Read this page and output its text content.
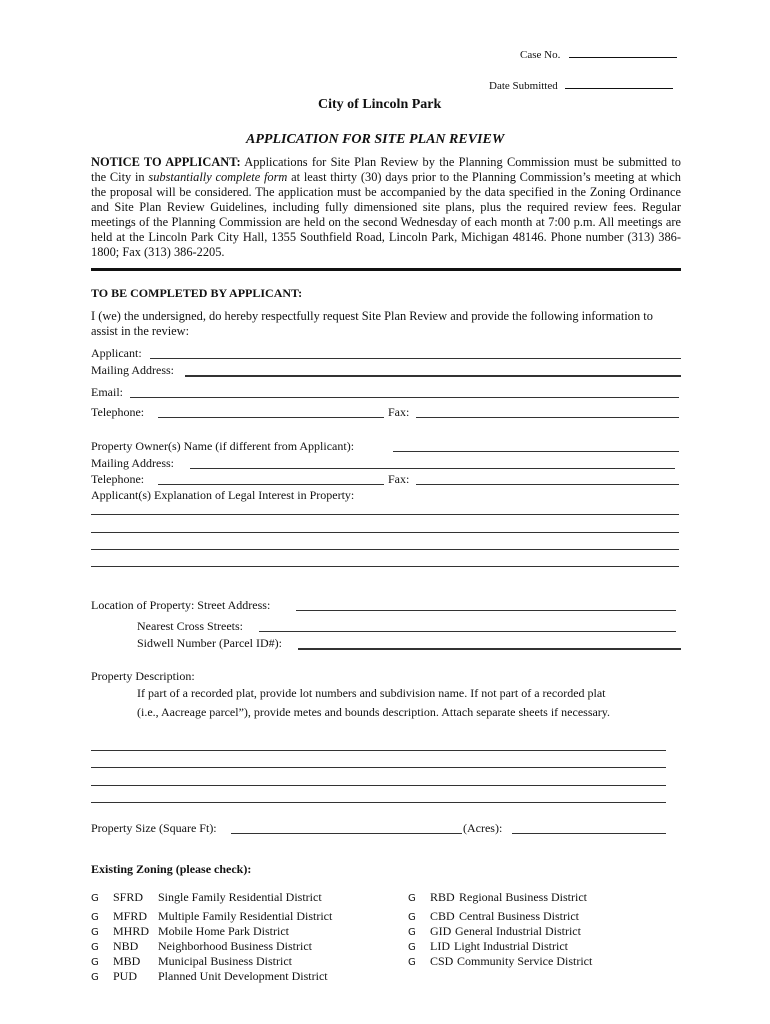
Case No.
Date Submitted
City of Lincoln Park
APPLICATION FOR SITE PLAN REVIEW
NOTICE TO APPLICANT: Applications for Site Plan Review by the Planning Commission must be submitted to the City in substantially complete form at least thirty (30) days prior to the Planning Commission’s meeting at which the proposal will be considered. The application must be accompanied by the data specified in the Zoning Ordinance and Site Plan Review Guidelines, including fully dimensioned site plans, plus the required review fees. Regular meetings of the Planning Commission are held on the second Wednesday of each month at 7:00 p.m. All meetings are held at the Lincoln Park City Hall, 1355 Southfield Road, Lincoln Park, Michigan 48146. Phone number (313) 386-1800; Fax (313) 386-2205.
TO BE COMPLETED BY APPLICANT:
I (we) the undersigned, do hereby respectfully request Site Plan Review and provide the following information to assist in the review:
Applicant:
Mailing Address:
Email:
Telephone:	Fax:
Property Owner(s) Name (if different from Applicant):
Mailing Address:
Telephone:	Fax:
Applicant(s) Explanation of Legal Interest in Property:
Location of Property: Street Address:
Nearest Cross Streets:
Sidwell Number (Parcel ID#):
Property Description:
If part of a recorded plat, provide lot numbers and subdivision name. If not part of a recorded plat
(i.e., Aacreage parcel”), provide metes and bounds description. Attach separate sheets if necessary.
Property Size (Square Ft):	(Acres):
Existing Zoning (please check):
G SFRD Single Family Residential District
G MFRD Multiple Family Residential District
G MHRD Mobile Home Park District
G NBD Neighborhood Business District
G MBD Municipal Business District
G PUD Planned Unit Development District
G RBD Regional Business District
G CBD Central Business District
G GID General Industrial District
G LID Light Industrial District
G CSD Community Service District
